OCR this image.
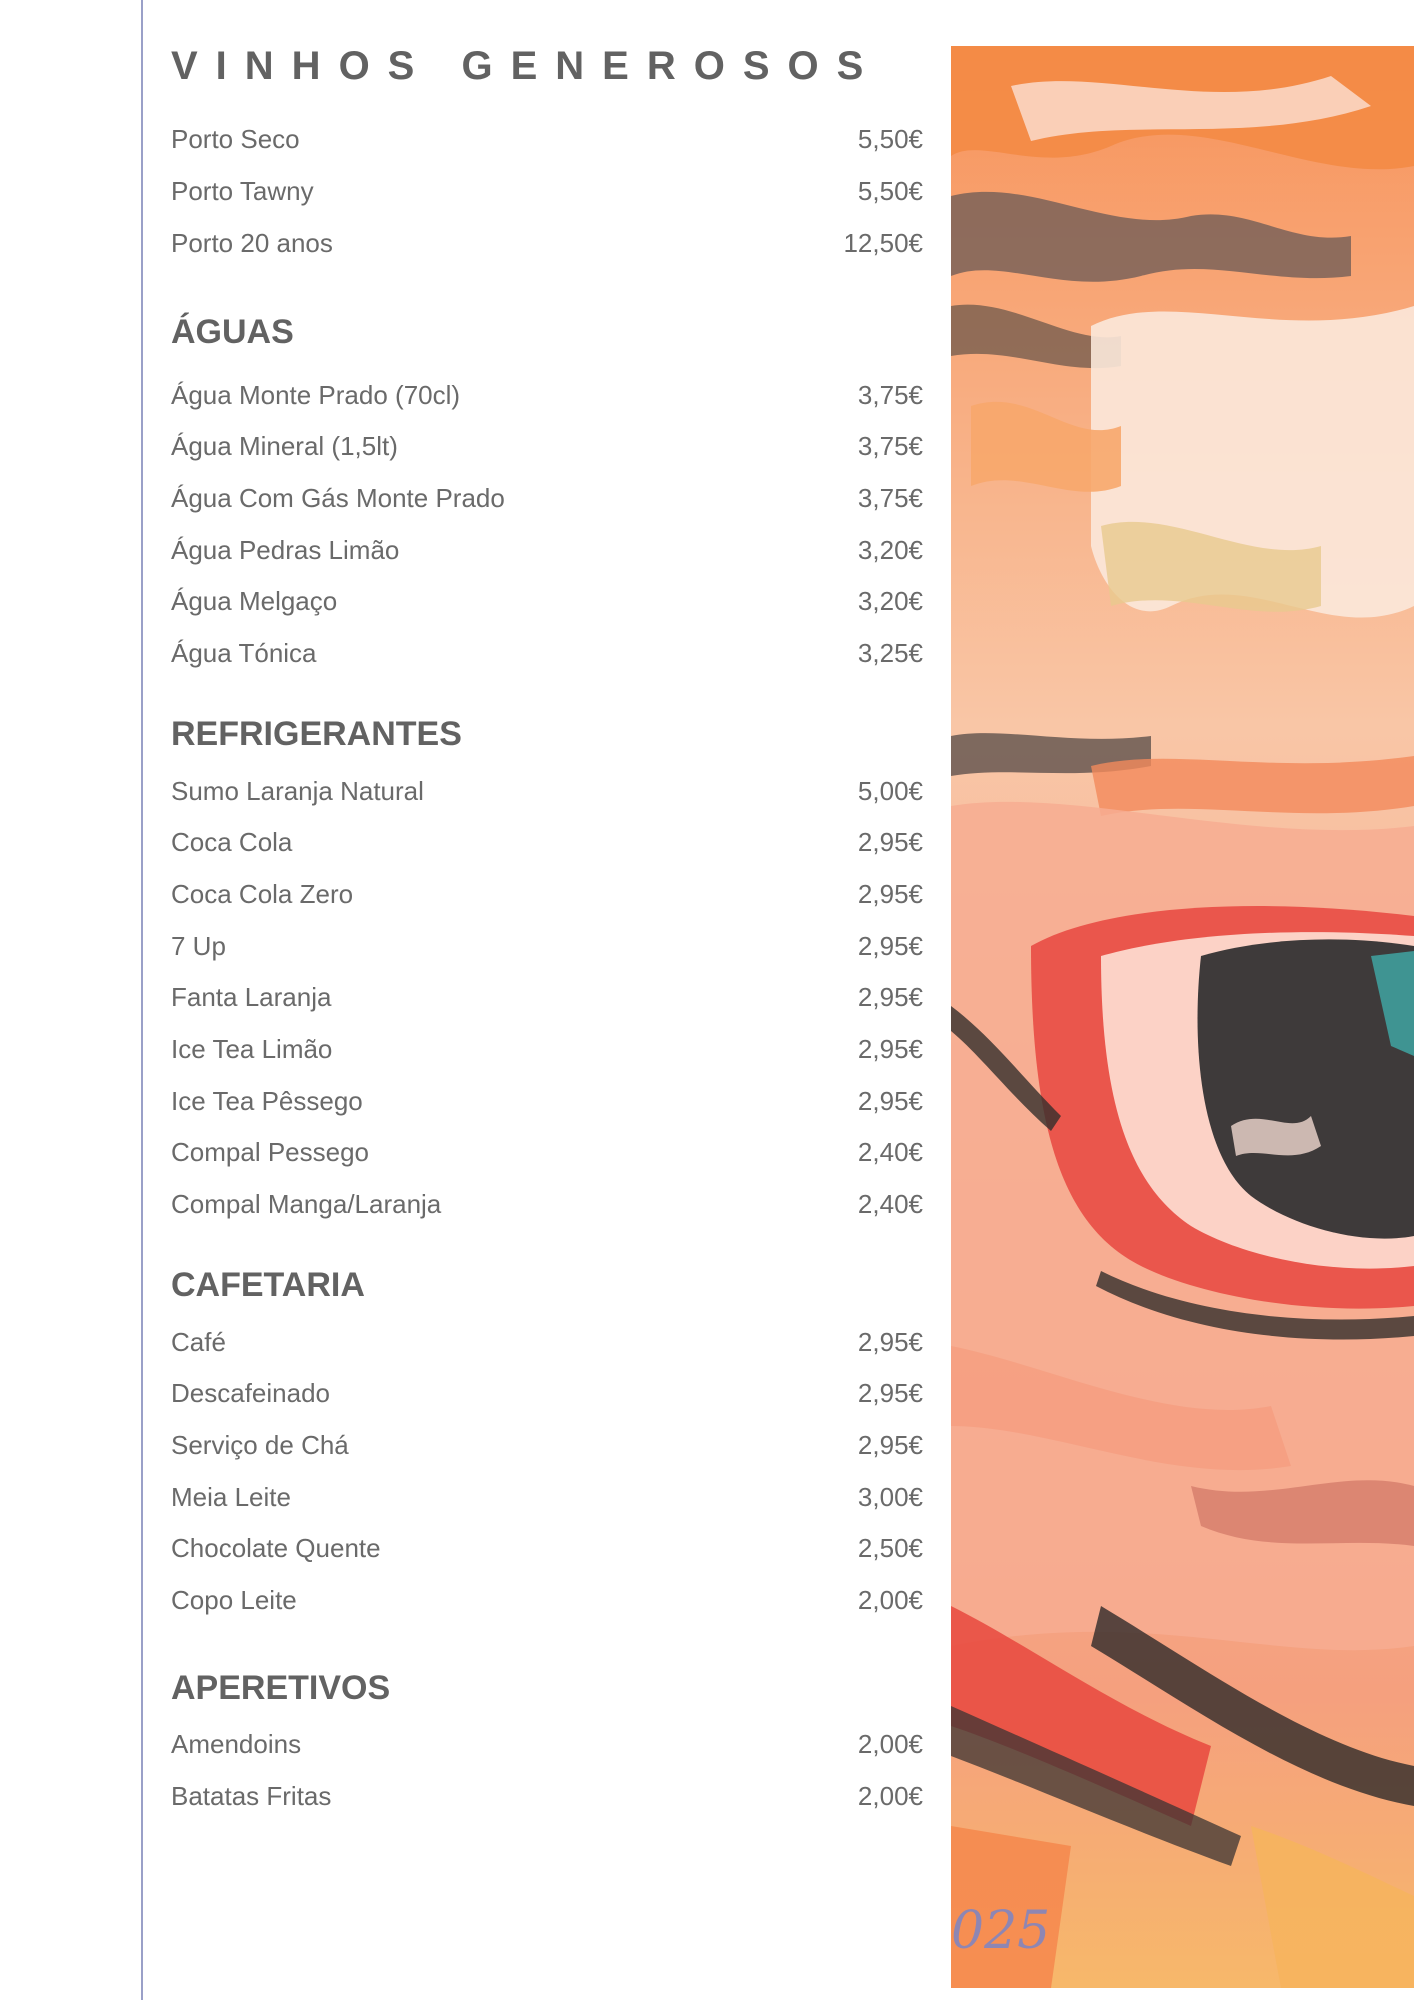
VINHOS GENEROSOS
Porto Seco	5,50€
Porto Tawny	5,50€
Porto 20 anos	12,50€
ÁGUAS
Água Monte Prado (70cl)	3,75€
Água Mineral (1,5lt)	3,75€
Água Com Gás Monte Prado	3,75€
Água Pedras Limão	3,20€
Água Melgaço	3,20€
Água Tónica	3,25€
REFRIGERANTES
Sumo Laranja Natural	5,00€
Coca Cola	2,95€
Coca Cola Zero	2,95€
7 Up	2,95€
Fanta Laranja	2,95€
Ice Tea Limão	2,95€
Ice Tea Pêssego	2,95€
Compal Pessego	2,40€
Compal Manga/Laranja	2,40€
CAFETARIA
Café	2,95€
Descafeinado	2,95€
Serviço de Chá	2,95€
Meia Leite	3,00€
Chocolate Quente	2,50€
Copo Leite	2,00€
APERETIVOS
Amendoins	2,00€
Batatas Fritas	2,00€
025
